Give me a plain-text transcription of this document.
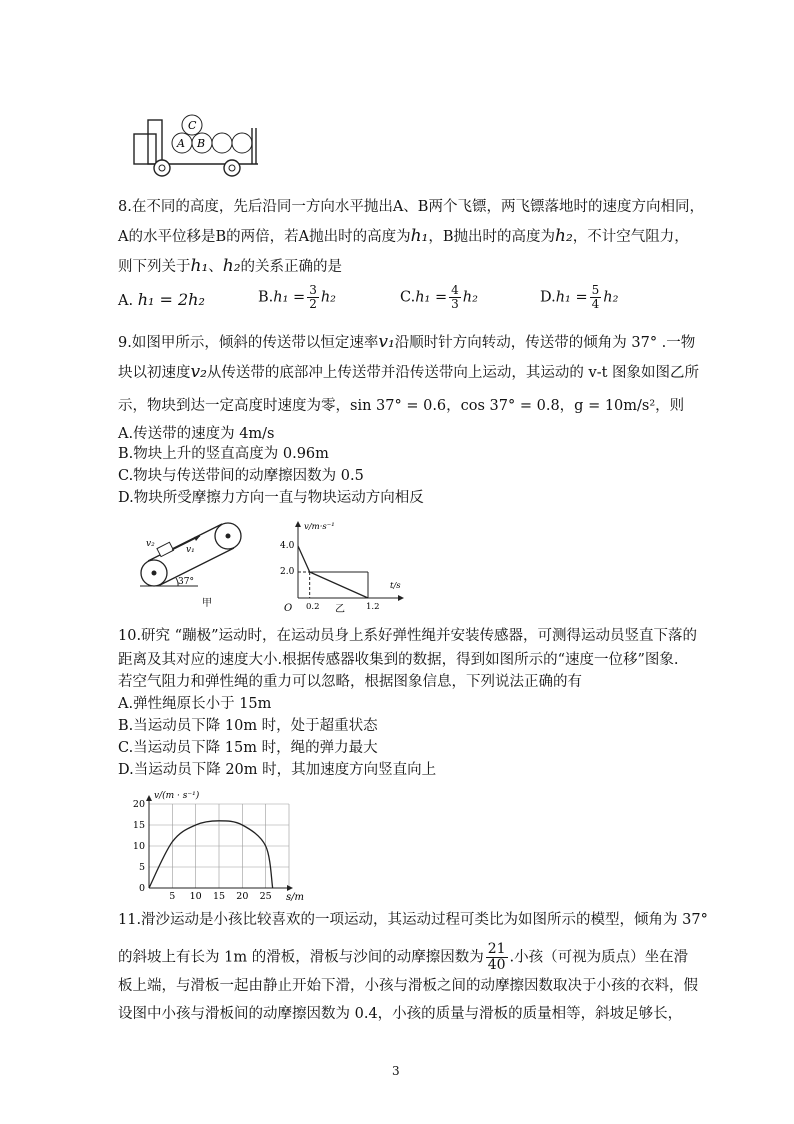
C
A B
8.在不同的高度，先后沿同一方向水平抛出A、B两个飞镖，两飞镖落地时的速度方向相同，
A的水平位移是B的两倍，若A抛出时的高度为h₁，B抛出时的高度为h₂，不计空气阻力，
则下列关于h₁、h₂的关系正确的是
A. h₁ = 2h₂	$B.h_1 = \frac{3}{2} h_2$	$C.h_1 = \frac{4}{3} h_2$	$D.h_1 = \frac{5}{4} h_2$
9.如图甲所示，倾斜的传送带以恒定速率v₁沿顺时针方向转动，传送带的倾角为 37° .一物
块以初速度v₂从传送带的底部冲上传送带并沿传送带向上运动，其运动的 v-t 图象如图乙所
示，物块到达一定高度时速度为零，sin 37° = 0.6，cos 37° = 0.8，g = 10m/s²，则
A.传送带的速度为 4m/s
B.物块上升的竖直高度为 0.96m
C.物块与传送带间的动摩擦因数为 0.5
D.物块所受摩擦力方向一直与物块运动方向相反
v₂
v₁
37°
甲
v/m·s⁻¹
t/s
O
4.0
2.0
0.2	1.2
乙
10.研究 “蹦极”运动时，在运动员身上系好弹性绳并安装传感器，可测得运动员竖直下落的
距离及其对应的速度大小.根据传感器收集到的数据，得到如图所示的“速度一位移”图象.
若空气阻力和弹性绳的重力可以忽略，根据图象信息，下列说法正确的有
A.弹性绳原长小于 15m
B.当运动员下降 10m 时，处于超重状态
C.当运动员下降 15m 时，绳的弹力最大
D.当运动员下降 20m 时，其加速度方向竖直向上
v/(m · s⁻¹)
s/m
20
15
10
5
0
5 10 15 20 25
11.滑沙运动是小孩比较喜欢的一项运动，其运动过程可类比为如图所示的模型，倾角为 37°
的斜坡上有长为 1m 的滑板，滑板与沙间的动摩擦因数为 $\frac{21}{40}$ .小孩（可视为质点）坐在滑
板上端，与滑板一起由静止开始下滑，小孩与滑板之间的动摩擦因数取决于小孩的衣料，假
设图中小孩与滑板间的动摩擦因数为 0.4，小孩的质量与滑板的质量相等，斜坡足够长，
3
